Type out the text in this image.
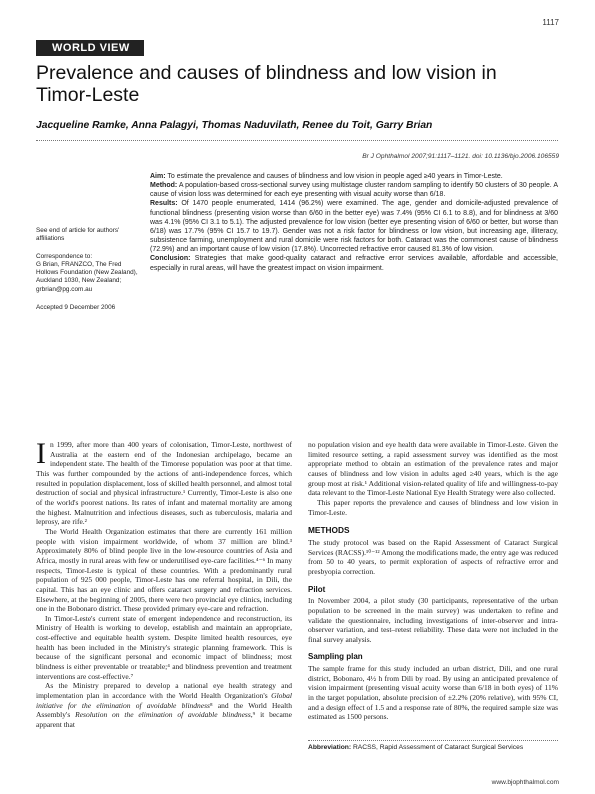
1117
WORLD VIEW
Prevalence and causes of blindness and low vision in Timor-Leste
Jacqueline Ramke, Anna Palagyi, Thomas Naduvilath, Renee du Toit, Garry Brian
Br J Ophthalmol 2007;91:1117–1121. doi: 10.1136/bjo.2006.106559

See end of article for authors' affiliations

Correspondence to:
G Brian, FRANZCO, The Fred Hollows Foundation (New Zealand), Auckland 1030, New Zealand; grbrian@pg.com.au

Accepted 9 December 2006

Aim: To estimate the prevalence and causes of blindness and low vision in people aged ≥40 years in Timor-Leste.

Method: A population-based cross-sectional survey using multistage cluster random sampling to identify 50 clusters of 30 people. A cause of vision loss was determined for each eye presenting with visual acuity worse than 6/18.

Results: Of 1470 people enumerated, 1414 (96.2%) were examined. The age, gender and domicile-adjusted prevalence of functional blindness (presenting vision worse than 6/60 in the better eye) was 7.4% (95% CI 6.1 to 8.8), and for blindness at 3/60 was 4.1% (95% CI 3.1 to 5.1). The adjusted prevalence for low vision (better eye presenting vision of 6/60 or better, but worse than 6/18) was 17.7% (95% CI 15.7 to 19.7). Gender was not a risk factor for blindness or low vision, but increasing age, illiteracy, subsistence farming, unemployment and rural domicile were risk factors for both. Cataract was the commonest cause of blindness (72.9%) and an important cause of low vision (17.8%). Uncorrected refractive error caused 81.3% of low vision.

Conclusion: Strategies that make good-quality cataract and refractive error services available, affordable and accessible, especially in rural areas, will have the greatest impact on vision impairment.

In 1999, after more than 400 years of colonisation, Timor-Leste, northwest of Australia at the eastern end of the Indonesian archipelago, became an independent state. The health of the Timorese population was poor at that time. This was further compounded by the actions of anti-independence forces, which resulted in population displacement, loss of skilled health personnel, and almost total destruction of social and physical infrastructure.¹ Currently, Timor-Leste is also one of the world's poorest nations. Its rates of infant and maternal mortality are among the highest. Malnutrition and infectious diseases, such as tuberculosis, malaria and leprosy, are rife.²

The World Health Organization estimates that there are currently 161 million people with vision impairment worldwide, of whom 37 million are blind.³ Approximately 80% of blind people live in the low-resource countries of Asia and Africa, mostly in rural areas with few or underutilised eye-care facilities.⁴⁻⁶ In many respects, Timor-Leste is typical of these countries. With a predominantly rural population of 925 000 people, Timor-Leste has one referral hospital, in Dili, the capital. This has an eye clinic and offers cataract surgery and refraction services. Elsewhere, at the beginning of 2005, there were two provincial eye clinics, including one in the Bobonaro district. These provided primary eye-care and refraction.

In Timor-Leste's current state of emergent independence and reconstruction, its Ministry of Health is working to develop, establish and maintain an appropriate, cost-effective and equitable health system. Despite limited health resources, eye health has been included in the Ministry's strategic planning framework. This is because of the significant personal and economic impact of blindness; most blindness is either preventable or treatable;⁴ and blindness prevention and treatment interventions are cost-effective.⁷

As the Ministry prepared to develop a national eye health strategy and implementation plan in accordance with the World Health Organization's Global initiative for the elimination of avoidable blindness⁸ and the World Health Assembly's Resolution on the elimination of avoidable blindness,⁹ it became apparent that

no population vision and eye health data were available in Timor-Leste. Given the limited resource setting, a rapid assessment survey was identified as the most appropriate method to obtain an estimation of the prevalence rates and major causes of blindness and low vision in adults aged ≥40 years, which is the age group most at risk.¹ Additional vision-related quality of life and willingness-to-pay data relevant to the Timor-Leste National Eye Health Strategy were also collected.

This paper reports the prevalence and causes of blindness and low vision in Timor-Leste.

METHODS

The study protocol was based on the Rapid Assessment of Cataract Surgical Services (RACSS).¹⁰⁻¹² Among the modifications made, the entry age was reduced from 50 to 40 years, to permit exploration of aspects of refractive error and presbyopia correction.

Pilot

In November 2004, a pilot study (30 participants, representative of the urban population to be screened in the main survey) was undertaken to refine and validate the questionnaire, including investigations of inter-observer and intra-observer variation, and test–retest reliability. These data were not included in the final survey analysis.

Sampling plan

The sample frame for this study included an urban district, Dili, and one rural district, Bobonaro, 4½ h from Dili by road. By using an anticipated prevalence of vision impairment (presenting visual acuity worse than 6/18 in both eyes) of 11% in the target population, absolute precision of ±2.2% (20% relative), with 95% CI, and a design effect of 1.5 and a response rate of 80%, the required sample size was estimated as 1500 persons.

Abbreviation: RACSS, Rapid Assessment of Cataract Surgical Services
www.bjophthalmol.com
